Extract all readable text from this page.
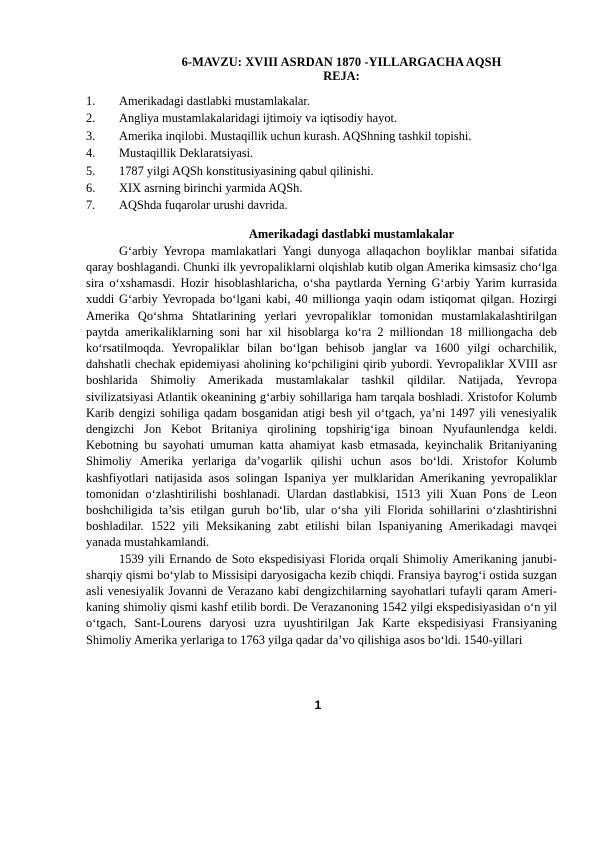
6-MAVZU: XVIII ASRDAN 1870 -YILLARGACHA AQSH
REJA:
1.	Amerikadagi dastlabki mustamlakalar.
2.	Angliya mustamlakalaridagi ijtimoiy va iqtisodiy hayot.
3.	Amerika inqilobi. Mustaqillik uchun kurash. AQShning tashkil topishi.
4.	Mustaqillik Deklaratsiyasi.
5.	1787 yilgi AQSh konstitusiyasining qabul qilinishi.
6.	XIX asrning birinchi yarmida AQSh.
7.	AQShda fuqarolar urushi davrida.
Amerikadagi dastlabki mustamlakalar

G‘arbiy Yevropa mamlakatlari Yangi dunyoga allaqachon boyliklar manbai sifatida qaray boshlagandi. Chunki ilk yevropaliklarni olqishlab kutib olgan Amerika kimsasiz cho‘lga sira o‘xshamasdi. Hozir hisoblashlaricha, o‘sha paytlarda Yerning G‘arbiy Yarim kurrasida xuddi G‘arbiy Yevropada bo‘lgani kabi, 40 millionga yaqin odam istiqomat qilgan. Hozirgi Amerika Qo‘shma Shtatlarining yerlari yevropaliklar tomonidan mustamlakalashtirilgan paytda amerikaliklarning soni har xil hisoblarga ko‘ra 2 milliondan 18 milliongacha deb ko‘rsatilmoqda. Yevropaliklar bilan bo‘lgan behisob janglar va 1600 yilgi ocharchilik, dahshatli chechak epidemiyasi aholining ko‘pchiligini qirib yubordi. Yevropaliklar XVIII asr boshlarida Shimoliy Amerikada mustamlakalar tashkil qildilar. Natijada, Yevropa sivilizatsiyasi Atlantik okeanining g‘arbiy sohillariga ham tarqala boshladi. Xristofor Kolumb Karib dengizi sohiliga qadam bosganidan atigi besh yil o‘tgach, ya’ni 1497 yili venesiyalik dengizchi Jon Kebot Britaniya qirolining topshirig‘iga binoan Nyufaunlendga keldi. Kebotning bu sayohati umuman katta ahamiyat kasb etmasada, keyinchalik Britaniyaning Shimoliy Amerika yerlariga da’vogarlik qilishi uchun asos bo‘ldi. Xristofor Kolumb kashfiyotlari natijasida asos solingan Ispaniya yer mulklaridan Amerikaning yevropaliklar tomonidan o‘zlashtirilishi boshlanadi. Ulardan dastlabkisi, 1513 yili Xuan Pons de Leon boshchiligida ta’sis etilgan guruh bo‘lib, ular o‘sha yili Florida sohillarini o‘zlashtirishni boshladilar. 1522 yili Meksikaning zabt etilishi bilan Ispaniyaning Amerikadagi mavqei yanada mustahkamlandi.

1539 yili Ernando de Soto ekspedisiyasi Florida orqali Shimoliy Amerikaning janubi-sharqiy qismi bo‘ylab to Missisipi daryosigacha kezib chiqdi. Fransiya bayrog‘i ostida suzgan asli venesiyalik Jovanni de Verazano kabi dengizchilarning sayohatlari tufayli qaram Ameri-kaning shimoliy qismi kashf etilib bordi. De Verazanoning 1542 yilgi ekspedisiyasidan o‘n yil o‘tgach, Sant-Lourens daryosi uzra uyushtirilgan Jak Karte ekspedisiyasi Fransiyaning Shimoliy Amerika yerlariga to 1763 yilga qadar da’vo qilishiga asos bo‘ldi. 1540-yillari

1
